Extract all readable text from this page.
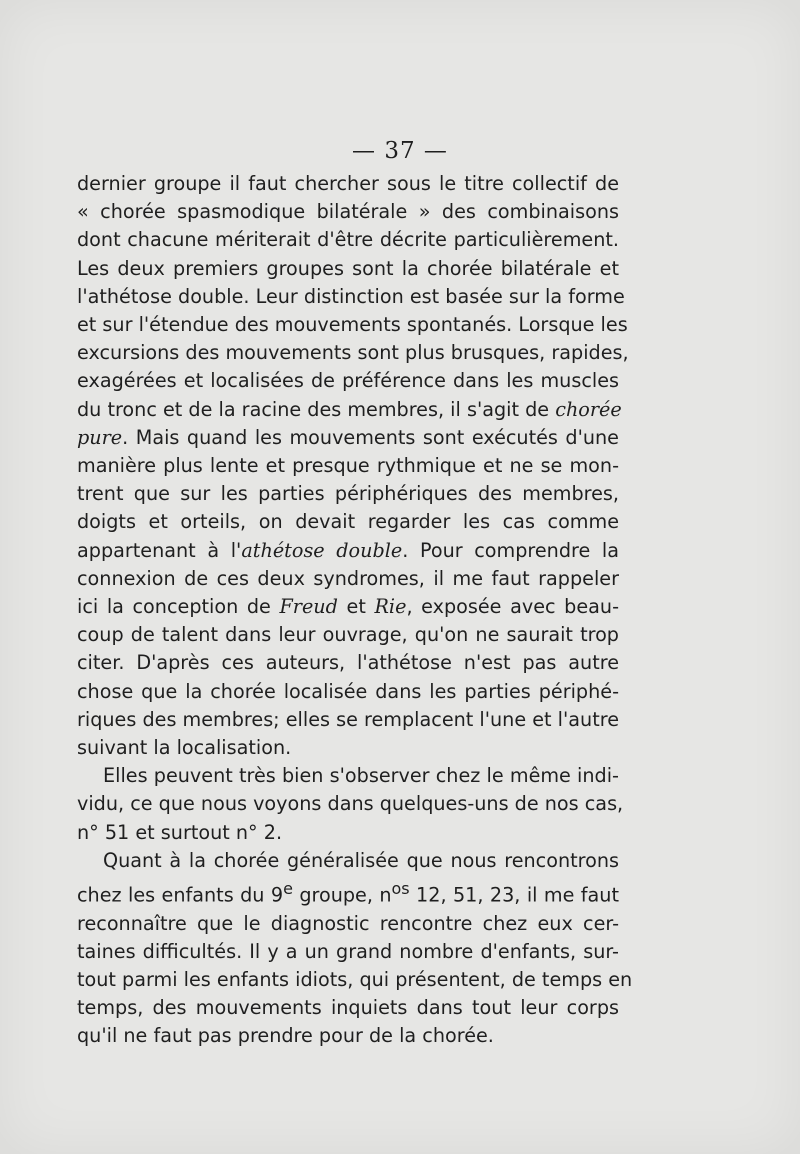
— 37 —
dernier groupe il faut chercher sous le titre collectif de
« chorée spasmodique bilatérale » des combinaisons
dont chacune mériterait d'être décrite particulièrement.
Les deux premiers groupes sont la chorée bilatérale et
l'athétose double. Leur distinction est basée sur la forme
et sur l'étendue des mouvements spontanés. Lorsque les
excursions des mouvements sont plus brusques, rapides,
exagérées et localisées de préférence dans les muscles
du tronc et de la racine des membres, il s'agit de chorée
pure. Mais quand les mouvements sont exécutés d'une
manière plus lente et presque rythmique et ne se mon-
trent que sur les parties périphériques des membres,
doigts et orteils, on devait regarder les cas comme
appartenant à l'athétose double. Pour comprendre la
connexion de ces deux syndromes, il me faut rappeler
ici la conception de Freud et Rie, exposée avec beau-
coup de talent dans leur ouvrage, qu'on ne saurait trop
citer. D'après ces auteurs, l'athétose n'est pas autre
chose que la chorée localisée dans les parties périphé-
riques des membres; elles se remplacent l'une et l'autre
suivant la localisation.
Elles peuvent très bien s'observer chez le même indi-
vidu, ce que nous voyons dans quelques-uns de nos cas,
n° 51 et surtout n° 2.
Quant à la chorée généralisée que nous rencontrons
chez les enfants du 9e groupe, $n^{os}$ 12, 51, 23, il me faut
reconnaître que le diagnostic rencontre chez eux cer-
taines difficultés. Il y a un grand nombre d'enfants, sur-
tout parmi les enfants idiots, qui présentent, de temps en
temps, des mouvements inquiets dans tout leur corps
qu'il ne faut pas prendre pour de la chorée.
